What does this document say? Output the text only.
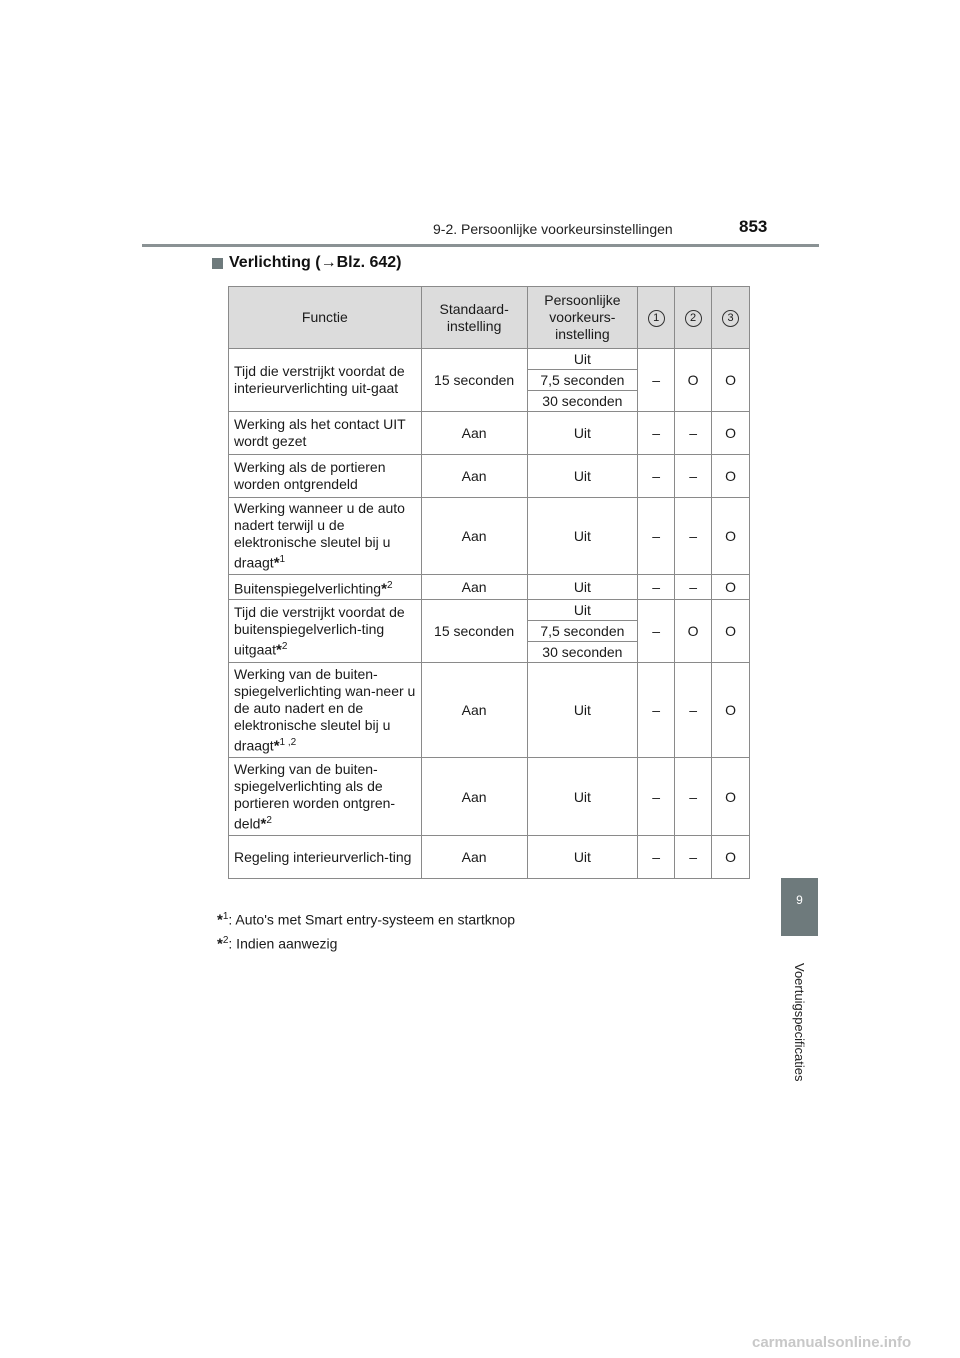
9-2. Persoonlijke voorkeursinstellingen	853
Verlichting ( → Blz. 642)
Functie	Standaard-instelling	Persoonlijke voorkeurs-instelling	1	2	3
Tijd die verstrijkt voordat de interieurverlichting uit-gaat	15 seconden	Uit	–	O	O
		7,5 seconden			
		30 seconden			
Werking als het contact UIT wordt gezet	Aan	Uit	–	–	O
Werking als de portieren worden ontgrendeld	Aan	Uit	–	–	O
Werking wanneer u de auto nadert terwijl u de elektronische sleutel bij u draagt*$^1$	Aan	Uit	–	–	O
Buitenspiegelverlichting*$^2$	Aan	Uit	–	–	O
Tijd die verstrijkt voordat de buitenspiegelverlich-ting uitgaat*$^2$	15 seconden	Uit	–	O	O
		7,5 seconden			
		30 seconden			
Werking van de buiten-spiegelverlichting wan-neer u de auto nadert en de elektronische sleutel bij u draagt*$^{1 ,2}$	Aan	Uit	–	–	O
Werking van de buiten-spiegelverlichting als de portieren worden ontgren-deld*$^2$	Aan	Uit	–	–	O
Regeling interieurverlich-ting	Aan	Uit	–	–	O
*$^1$: Auto's met Smart entry-systeem en startknop
*$^2$: Indien aanwezig
9
Voertuigspecificaties
carmanualsonline.info
